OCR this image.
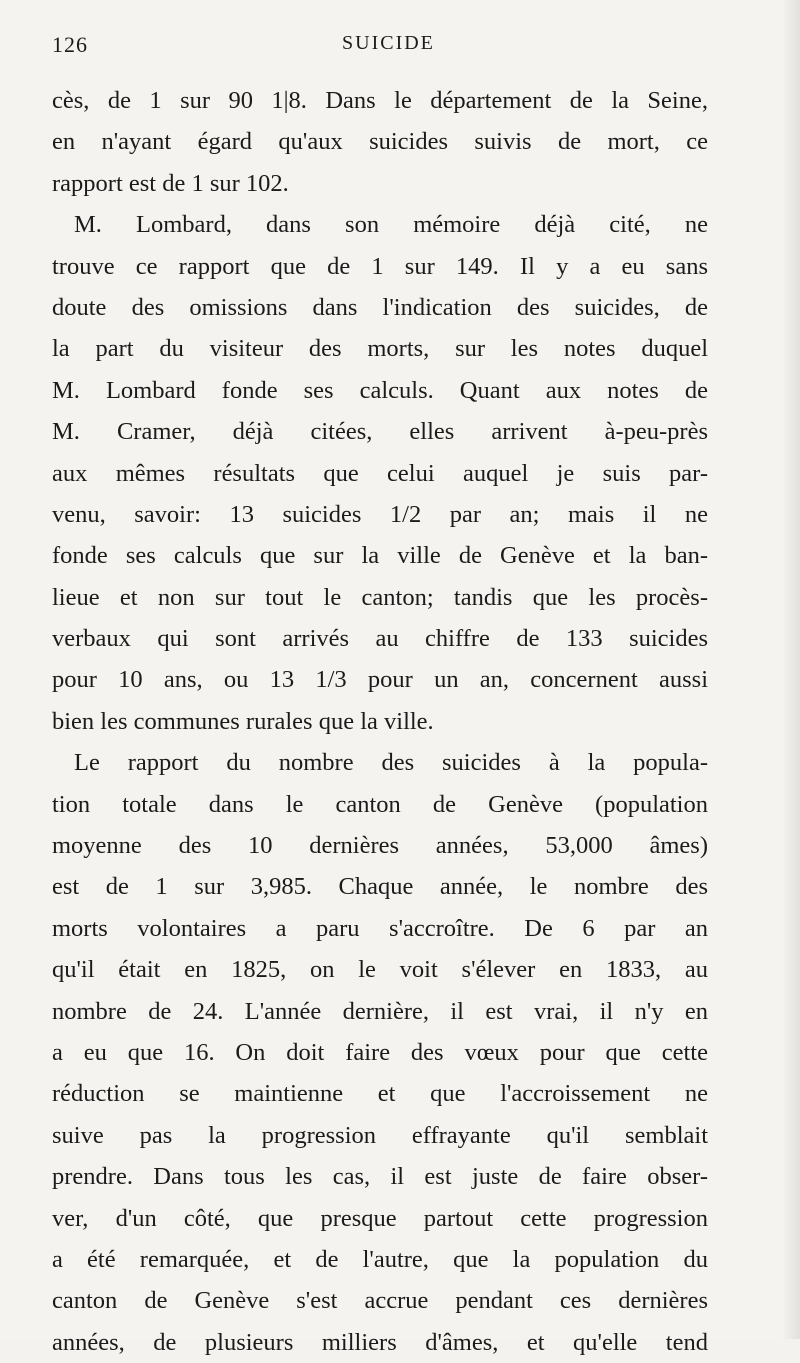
126	SUICIDE
cès, de 1 sur 90 1|8. Dans le département de la Seine,
en n'ayant égard qu'aux suicides suivis de mort, ce
rapport est de 1 sur 102.
M. Lombard, dans son mémoire déjà cité, ne
trouve ce rapport que de 1 sur 149. Il y a eu sans
doute des omissions dans l'indication des suicides, de
la part du visiteur des morts, sur les notes duquel
M. Lombard fonde ses calculs. Quant aux notes de
M. Cramer, déjà citées, elles arrivent à-peu-près
aux mêmes résultats que celui auquel je suis par-
venu, savoir: 13 suicides 1/2 par an; mais il ne
fonde ses calculs que sur la ville de Genève et la ban-
lieue et non sur tout le canton; tandis que les procès-
verbaux qui sont arrivés au chiffre de 133 suicides
pour 10 ans, ou 13 1/3 pour un an, concernent aussi
bien les communes rurales que la ville.
Le rapport du nombre des suicides à la popula-
tion totale dans le canton de Genève (population
moyenne des 10 dernières années, 53,000 âmes)
est de 1 sur 3,985. Chaque année, le nombre des
morts volontaires a paru s'accroître. De 6 par an
qu'il était en 1825, on le voit s'élever en 1833, au
nombre de 24. L'année dernière, il est vrai, il n'y en
a eu que 16. On doit faire des vœux pour que cette
réduction se maintienne et que l'accroissement ne
suive pas la progression effrayante qu'il semblait
prendre. Dans tous les cas, il est juste de faire obser-
ver, d'un côté, que presque partout cette progression
a été remarquée, et de l'autre, que la population du
canton de Genève s'est accrue pendant ces dernières
années, de plusieurs milliers d'âmes, et qu'elle tend
